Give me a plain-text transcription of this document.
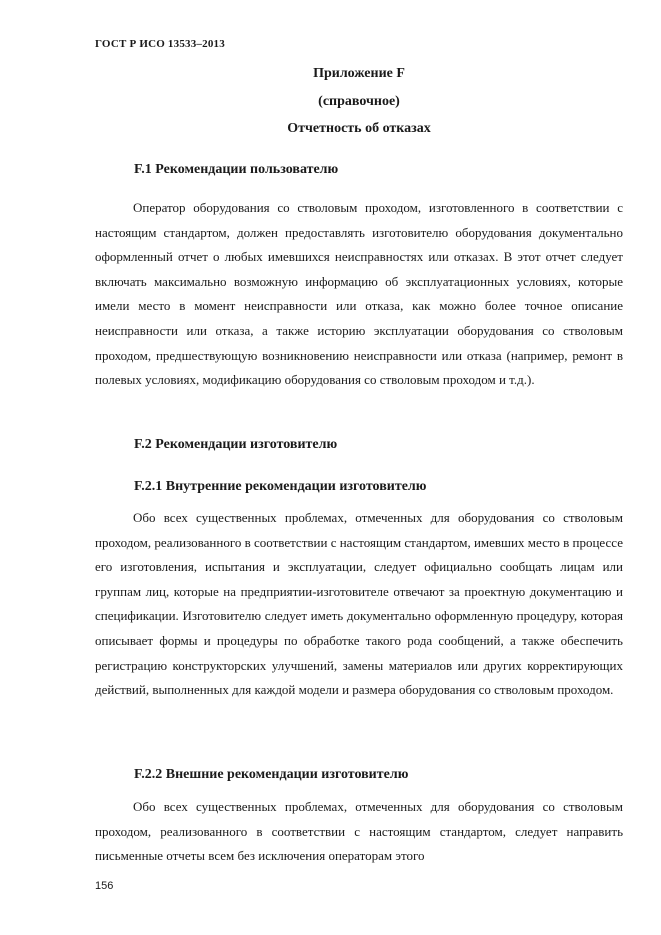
ГОСТ Р ИСО 13533–2013
Приложение F
(справочное)
Отчетность об отказах
F.1 Рекомендации пользователю

Оператор оборудования со стволовым проходом, изготовленного в соответствии с настоящим стандартом, должен предоставлять изготовителю оборудования документально оформленный отчет о любых имевшихся неисправностях или отказах. В этот отчет следует включать максимально возможную информацию об эксплуатационных условиях, которые имели место в момент неисправности или отказа, как можно более точное описание неисправности или отказа, а также историю эксплуатации оборудования со стволовым проходом, предшествующую возникновению неисправности или отказа (например, ремонт в полевых условиях, модификацию оборудования со стволовым проходом и т.д.).

F.2 Рекомендации изготовителю
F.2.1 Внутренние рекомендации изготовителю

Обо всех существенных проблемах, отмеченных для оборудования со стволовым проходом, реализованного в соответствии с настоящим стандартом, имевших место в процессе его изготовления, испытания и эксплуатации, следует официально сообщать лицам или группам лиц, которые на предприятии-изготовителе отвечают за проектную документацию и спецификации. Изготовителю следует иметь документально оформленную процедуру, которая описывает формы и процедуры по обработке такого рода сообщений, а также обеспечить регистрацию конструкторских улучшений, замены материалов или других корректирующих действий, выполненных для каждой модели и размера оборудования со стволовым проходом.

F.2.2 Внешние рекомендации изготовителю

Обо всех существенных проблемах, отмеченных для оборудования со стволовым проходом, реализованного в соответствии с настоящим стандартом, следует направить письменные отчеты всем без исключения операторам этого

156
